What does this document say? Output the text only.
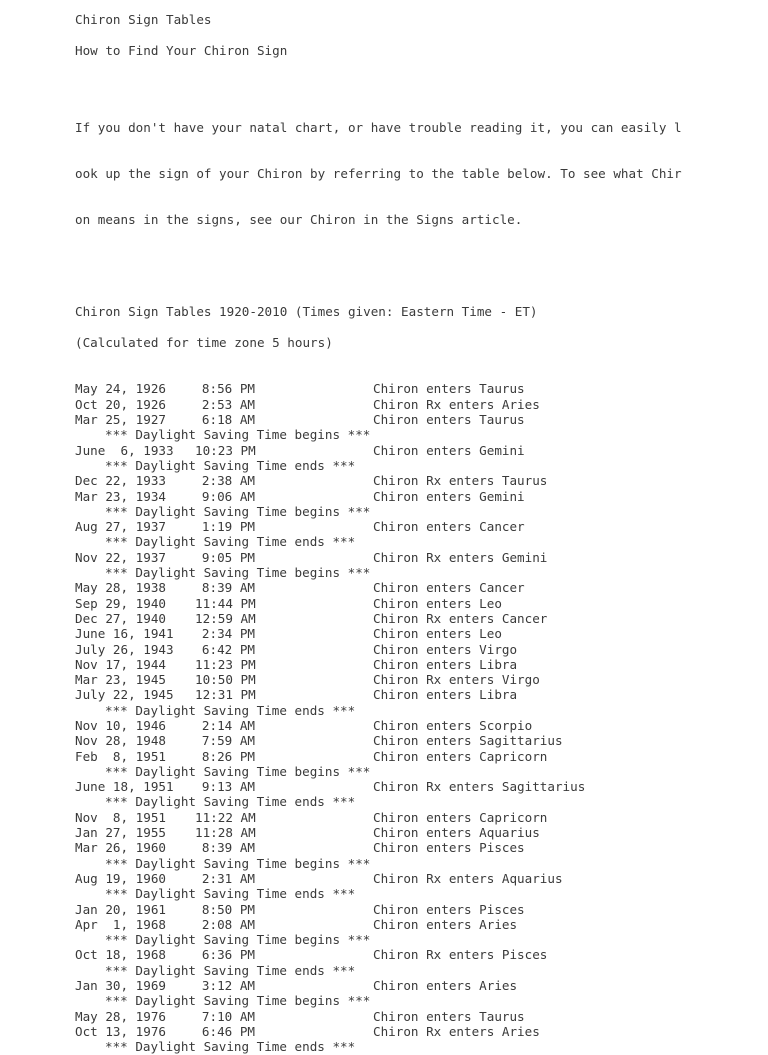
Chiron Sign Tables
How to Find Your Chiron Sign

If you don't have your natal chart, or have trouble reading it, you can easily l

ook up the sign of your Chiron by referring to the table below. To see what Chir

on means in the signs, see our Chiron in the Signs article.

Chiron Sign Tables 1920-2010 (Times given: Eastern Time - ET)
(Calculated for time zone 5 hours)
May 24, 1926	8:56 PM	Chiron enters Taurus
Oct 20, 1926	2:53 AM	Chiron Rx enters Aries
Mar 25, 1927	6:18 AM	Chiron enters Taurus
*** Daylight Saving Time begins ***
June  6, 1933	10:23 PM	Chiron enters Gemini
*** Daylight Saving Time ends ***
Dec 22, 1933	2:38 AM	Chiron Rx enters Taurus
Mar 23, 1934	9:06 AM	Chiron enters Gemini
*** Daylight Saving Time begins ***
Aug 27, 1937	1:19 PM	Chiron enters Cancer
*** Daylight Saving Time ends ***
Nov 22, 1937	9:05 PM	Chiron Rx enters Gemini
*** Daylight Saving Time begins ***
May 28, 1938	8:39 AM	Chiron enters Cancer
Sep 29, 1940	11:44 PM	Chiron enters Leo
Dec 27, 1940	12:59 AM	Chiron Rx enters Cancer
June 16, 1941	2:34 PM	Chiron enters Leo
July 26, 1943	6:42 PM	Chiron enters Virgo
Nov 17, 1944	11:23 PM	Chiron enters Libra
Mar 23, 1945	10:50 PM	Chiron Rx enters Virgo
July 22, 1945	12:31 PM	Chiron enters Libra
*** Daylight Saving Time ends ***
Nov 10, 1946	2:14 AM	Chiron enters Scorpio
Nov 28, 1948	7:59 AM	Chiron enters Sagittarius
Feb  8, 1951	8:26 PM	Chiron enters Capricorn
*** Daylight Saving Time begins ***
June 18, 1951	9:13 AM	Chiron Rx enters Sagittarius
*** Daylight Saving Time ends ***
Nov  8, 1951	11:22 AM	Chiron enters Capricorn
Jan 27, 1955	11:28 AM	Chiron enters Aquarius
Mar 26, 1960	8:39 AM	Chiron enters Pisces
*** Daylight Saving Time begins ***
Aug 19, 1960	2:31 AM	Chiron Rx enters Aquarius
*** Daylight Saving Time ends ***
Jan 20, 1961	8:50 PM	Chiron enters Pisces
Apr  1, 1968	2:08 AM	Chiron enters Aries
*** Daylight Saving Time begins ***
Oct 18, 1968	6:36 PM	Chiron Rx enters Pisces
*** Daylight Saving Time ends ***
Jan 30, 1969	3:12 AM	Chiron enters Aries
*** Daylight Saving Time begins ***
May 28, 1976	7:10 AM	Chiron enters Taurus
Oct 13, 1976	6:46 PM	Chiron Rx enters Aries
*** Daylight Saving Time ends ***
